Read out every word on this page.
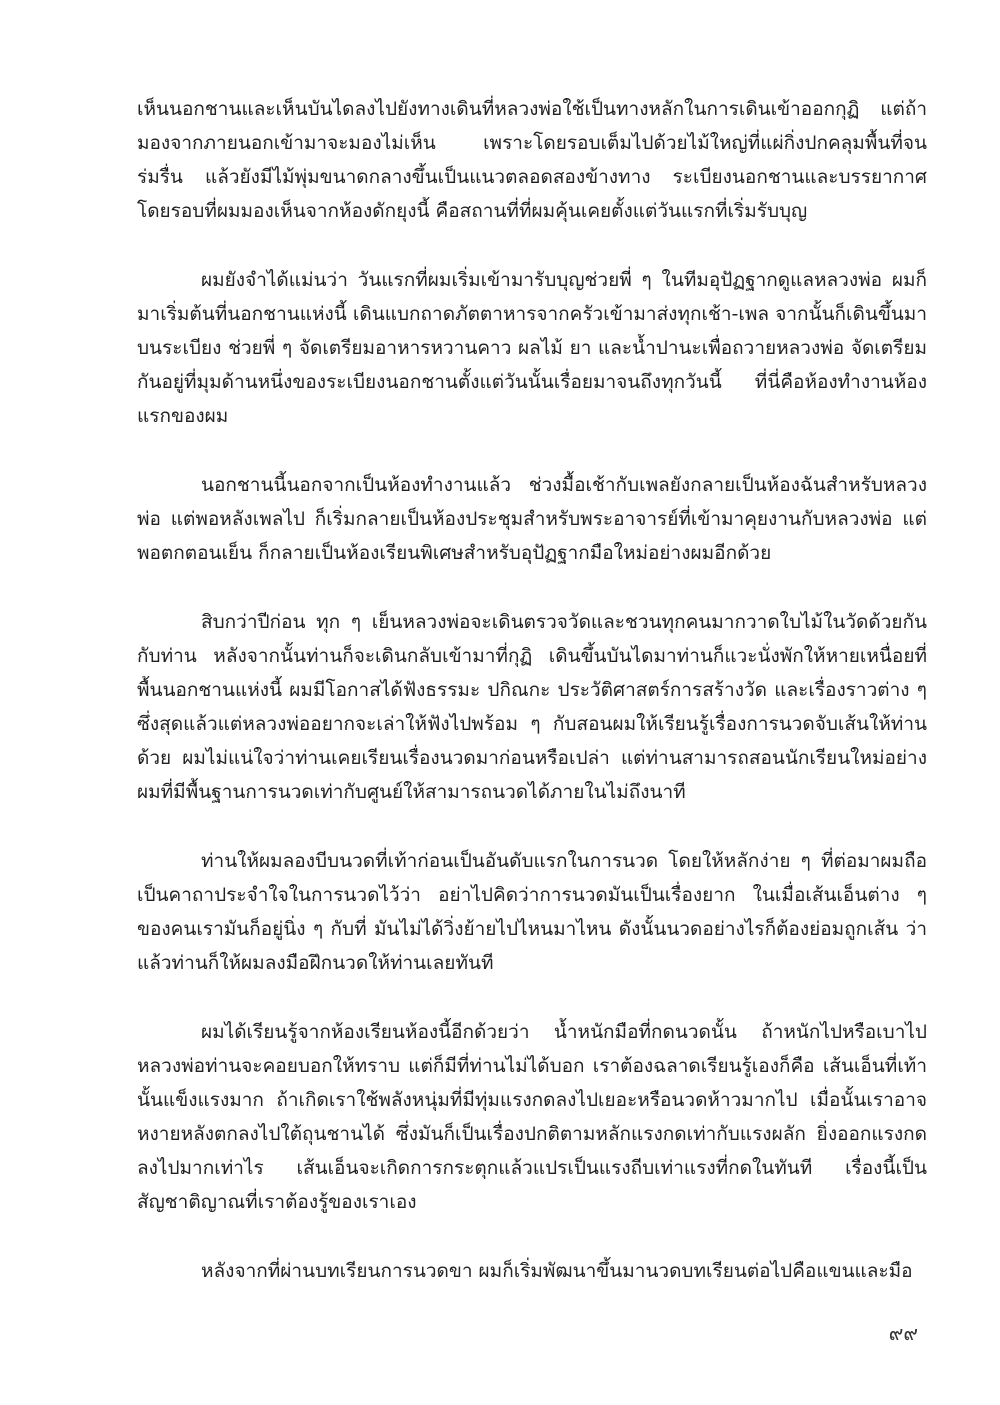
เห็นนอกชานและเห็นบันไดลงไปยังทางเดินที่หลวงพ่อใช้เป็นทางหลักในการเดินเข้าออกกุฏิ แต่ถ้ามองจากภายนอกเข้ามาจะมองไม่เห็น เพราะโดยรอบเต็มไปด้วยไม้ใหญ่ที่แผ่กิ่งปกคลุมพื้นที่จนร่มรื่น แล้วยังมีไม้พุ่มขนาดกลางขึ้นเป็นแนวตลอดสองข้างทาง ระเบียงนอกชานและบรรยากาศโดยรอบที่ผมมองเห็นจากห้องดักยุงนี้ คือสถานที่ที่ผมคุ้นเคยตั้งแต่วันแรกที่เริ่มรับบุญ

ผมยังจำได้แม่นว่า วันแรกที่ผมเริ่มเข้ามารับบุญช่วยพี่ ๆ ในทีมอุปัฏฐากดูแลหลวงพ่อ ผมก็มาเริ่มต้นที่นอกชานแห่งนี้ เดินแบกถาดภัตตาหารจากครัวเข้ามาส่งทุกเช้า-เพล จากนั้นก็เดินขึ้นมาบนระเบียง ช่วยพี่ ๆ จัดเตรียมอาหารหวานคาว ผลไม้ ยา และน้ำปานะเพื่อถวายหลวงพ่อ จัดเตรียมกันอยู่ที่มุมด้านหนึ่งของระเบียงนอกชานตั้งแต่วันนั้นเรื่อยมาจนถึงทุกวันนี้ ที่นี่คือห้องทำงานห้องแรกของผม

นอกชานนี้นอกจากเป็นห้องทำงานแล้ว ช่วงมื้อเช้ากับเพลยังกลายเป็นห้องฉันสำหรับหลวงพ่อ แต่พอหลังเพลไป ก็เริ่มกลายเป็นห้องประชุมสำหรับพระอาจารย์ที่เข้ามาคุยงานกับหลวงพ่อ แต่พอตกตอนเย็น ก็กลายเป็นห้องเรียนพิเศษสำหรับอุปัฏฐากมือใหม่อย่างผมอีกด้วย

สิบกว่าปีก่อน ทุก ๆ เย็นหลวงพ่อจะเดินตรวจวัดและชวนทุกคนมากวาดใบไม้ในวัดด้วยกันกับท่าน หลังจากนั้นท่านก็จะเดินกลับเข้ามาที่กุฏิ เดินขึ้นบันไดมาท่านก็แวะนั่งพักให้หายเหนื่อยที่พื้นนอกชานแห่งนี้ ผมมีโอกาสได้ฟังธรรมะ ปกิณกะ ประวัติศาสตร์การสร้างวัด และเรื่องราวต่าง ๆ ซึ่งสุดแล้วแต่หลวงพ่ออยากจะเล่าให้ฟังไปพร้อม ๆ กับสอนผมให้เรียนรู้เรื่องการนวดจับเส้นให้ท่านด้วย ผมไม่แน่ใจว่าท่านเคยเรียนเรื่องนวดมาก่อนหรือเปล่า แต่ท่านสามารถสอนนักเรียนใหม่อย่างผมที่มีพื้นฐานการนวดเท่ากับศูนย์ให้สามารถนวดได้ภายในไม่ถึงนาที

ท่านให้ผมลองบีบนวดที่เท้าก่อนเป็นอันดับแรกในการนวด โดยให้หลักง่าย ๆ ที่ต่อมาผมถือเป็นคาถาประจำใจในการนวดไว้ว่า อย่าไปคิดว่าการนวดมันเป็นเรื่องยาก ในเมื่อเส้นเอ็นต่าง ๆ ของคนเรามันก็อยู่นิ่ง ๆ กับที่ มันไม่ได้วิ่งย้ายไปไหนมาไหน ดังนั้นนวดอย่างไรก็ต้องย่อมถูกเส้น ว่าแล้วท่านก็ให้ผมลงมือฝึกนวดให้ท่านเลยทันที

ผมได้เรียนรู้จากห้องเรียนห้องนี้อีกด้วยว่า น้ำหนักมือที่กดนวดนั้น ถ้าหนักไปหรือเบาไป หลวงพ่อท่านจะคอยบอกให้ทราบ แต่ก็มีที่ท่านไม่ได้บอก เราต้องฉลาดเรียนรู้เองก็คือ เส้นเอ็นที่เท้านั้นแข็งแรงมาก ถ้าเกิดเราใช้พลังหนุ่มที่มีทุ่มแรงกดลงไปเยอะหรือนวดห้าวมากไป เมื่อนั้นเราอาจหงายหลังตกลงไปใต้ถุนชานได้ ซึ่งมันก็เป็นเรื่องปกติตามหลักแรงกดเท่ากับแรงผลัก ยิ่งออกแรงกดลงไปมากเท่าไร เส้นเอ็นจะเกิดการกระตุกแล้วแปรเป็นแรงถีบเท่าแรงที่กดในทันที เรื่องนี้เป็นสัญชาติญาณที่เราต้องรู้ของเราเอง

หลังจากที่ผ่านบทเรียนการนวดขา ผมก็เริ่มพัฒนาขึ้นมานวดบทเรียนต่อไปคือแขนและมือ

๙๙
